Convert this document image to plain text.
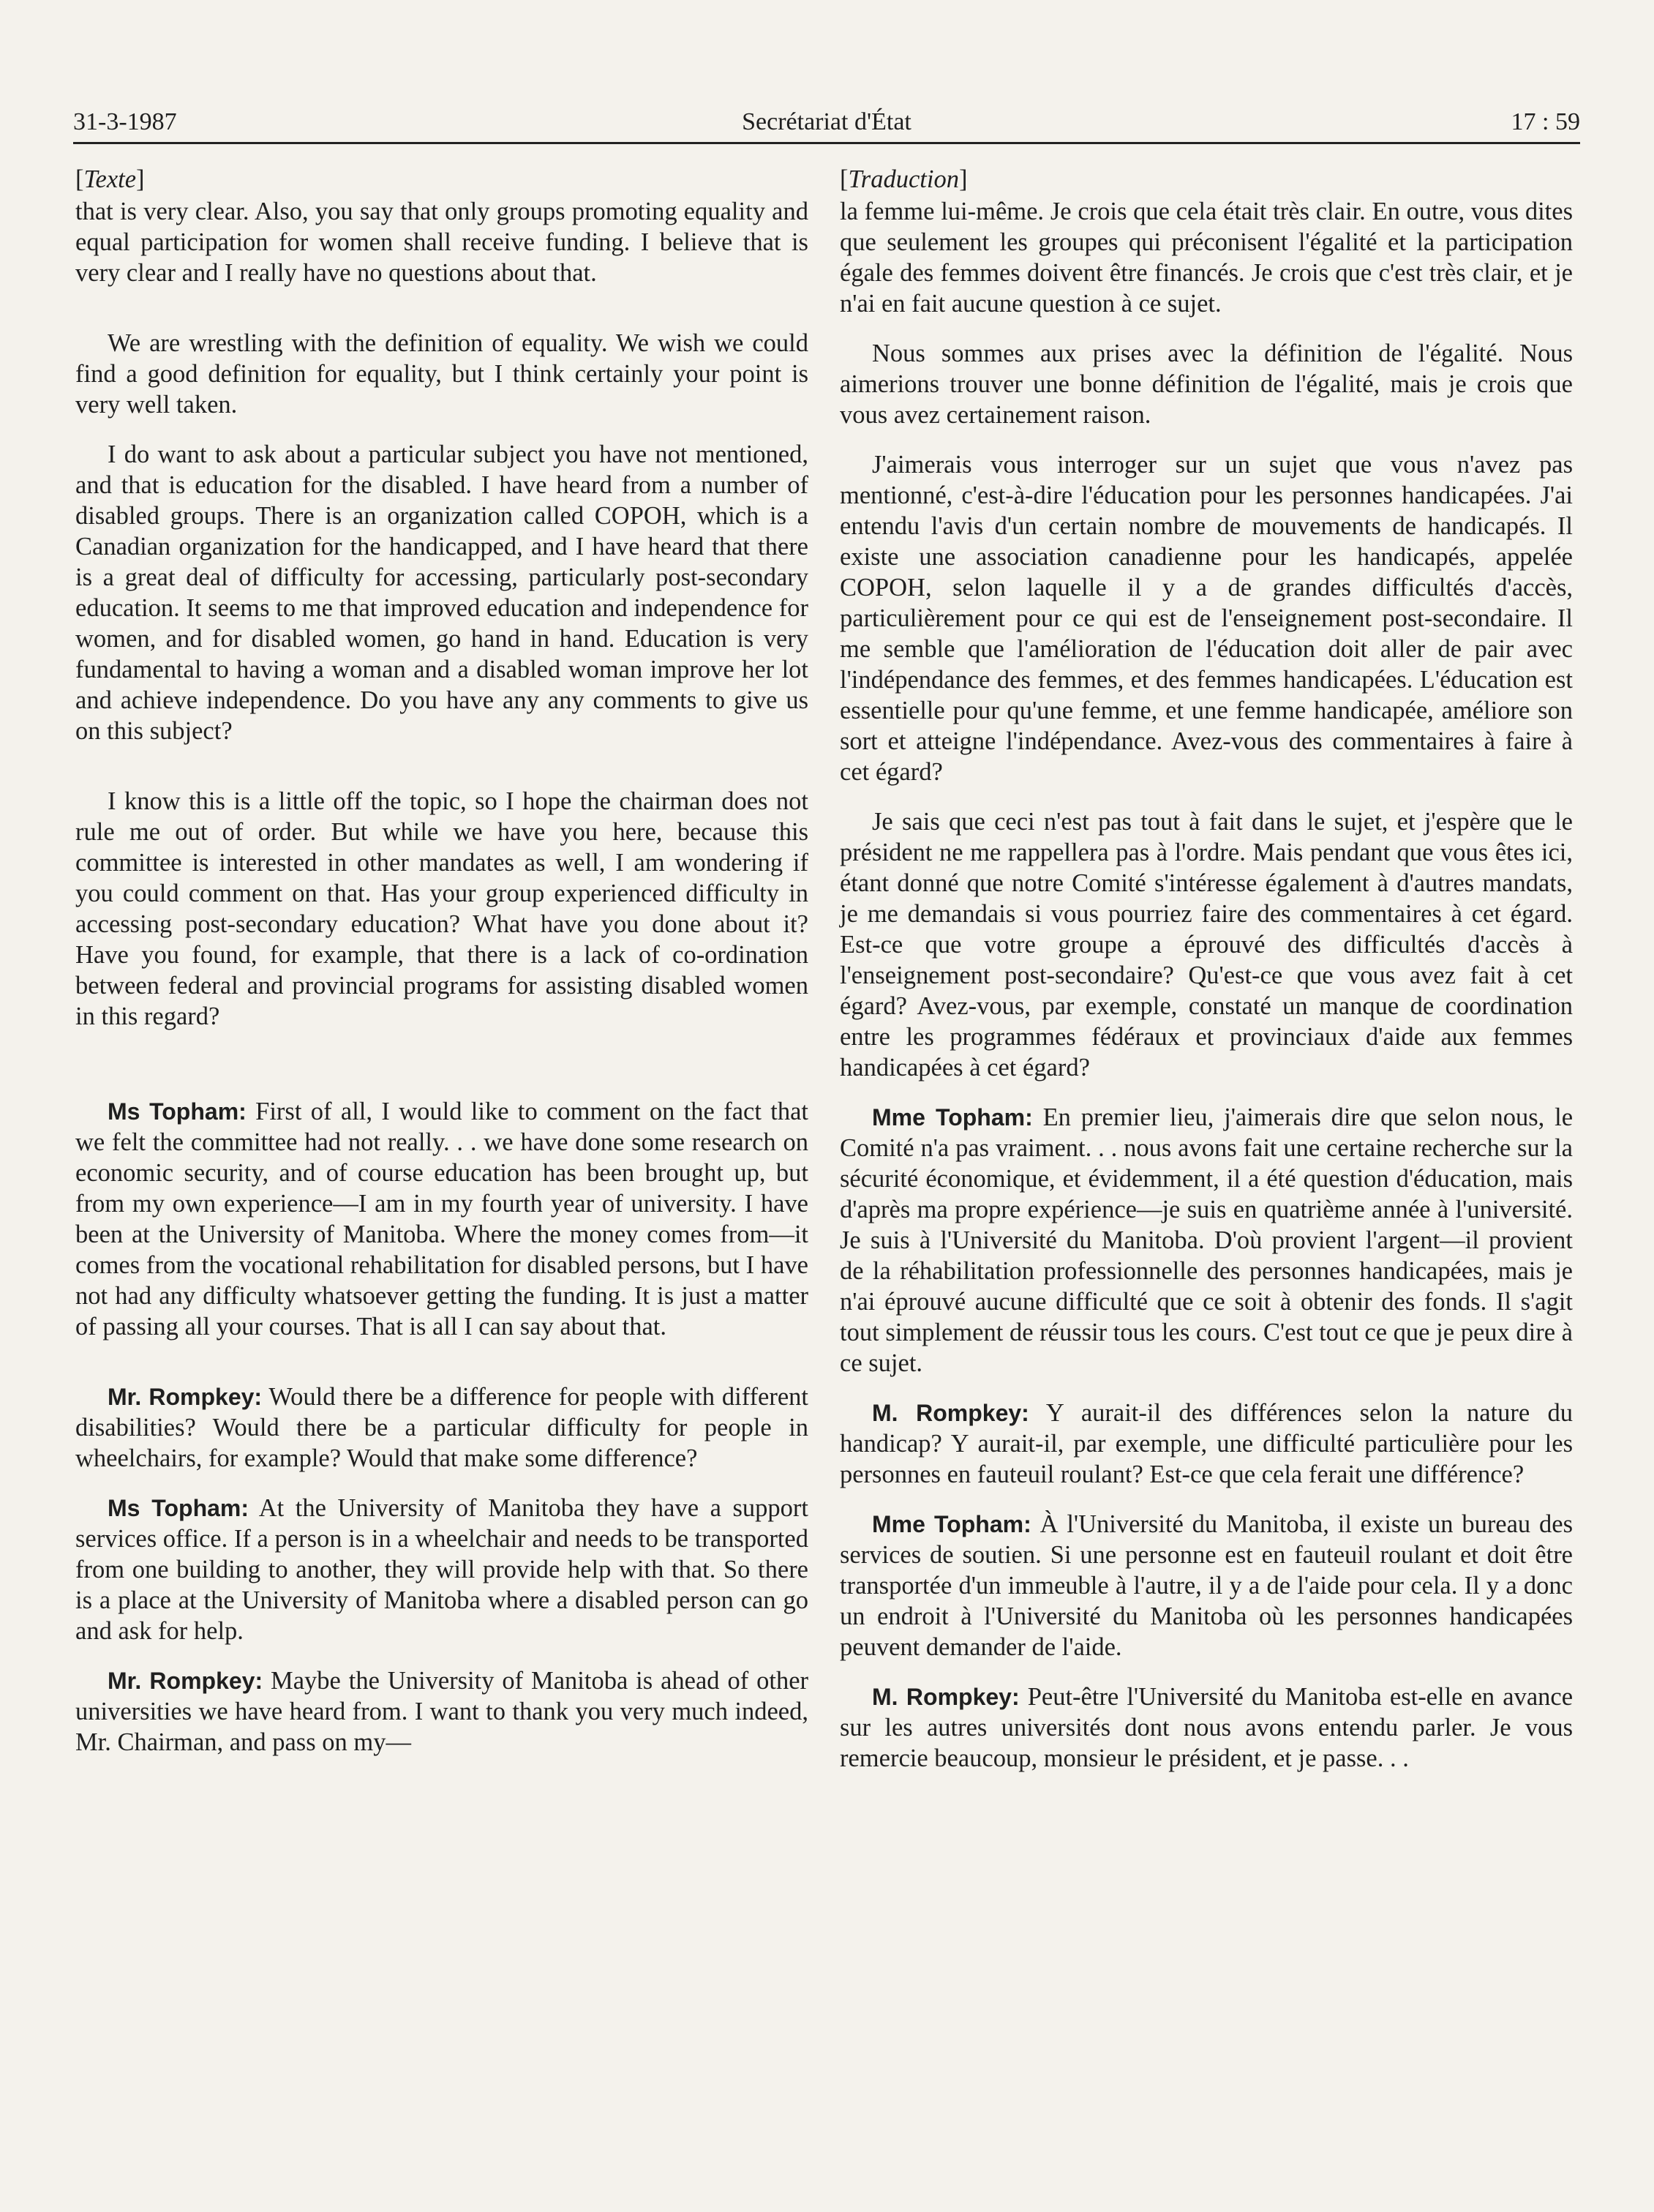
31-3-1987	Secrétariat d'État	17 : 59
[Texte]

that is very clear. Also, you say that only groups promoting equality and equal participation for women shall receive funding. I believe that is very clear and I really have no questions about that.

We are wrestling with the definition of equality. We wish we could find a good definition for equality, but I think certainly your point is very well taken.

I do want to ask about a particular subject you have not mentioned, and that is education for the disabled. I have heard from a number of disabled groups. There is an organization called COPOH, which is a Canadian organization for the handicapped, and I have heard that there is a great deal of difficulty for accessing, particularly post-secondary education. It seems to me that improved education and independence for women, and for disabled women, go hand in hand. Education is very fundamental to having a woman and a disabled woman improve her lot and achieve independence. Do you have any any comments to give us on this subject?

I know this is a little off the topic, so I hope the chairman does not rule me out of order. But while we have you here, because this committee is interested in other mandates as well, I am wondering if you could comment on that. Has your group experienced difficulty in accessing post-secondary education? What have you done about it? Have you found, for example, that there is a lack of co-ordination between federal and provincial programs for assisting disabled women in this regard?

Ms Topham: First of all, I would like to comment on the fact that we felt the committee had not really. . . we have done some research on economic security, and of course education has been brought up, but from my own experience—I am in my fourth year of university. I have been at the University of Manitoba. Where the money comes from—it comes from the vocational rehabilitation for disabled persons, but I have not had any difficulty whatsoever getting the funding. It is just a matter of passing all your courses. That is all I can say about that.

Mr. Rompkey: Would there be a difference for people with different disabilities? Would there be a particular difficulty for people in wheelchairs, for example? Would that make some difference?

Ms Topham: At the University of Manitoba they have a support services office. If a person is in a wheelchair and needs to be transported from one building to another, they will provide help with that. So there is a place at the University of Manitoba where a disabled person can go and ask for help.

Mr. Rompkey: Maybe the University of Manitoba is ahead of other universities we have heard from. I want to thank you very much indeed, Mr. Chairman, and pass on my—

[Traduction]

la femme lui-même. Je crois que cela était très clair. En outre, vous dites que seulement les groupes qui préconisent l'égalité et la participation égale des femmes doivent être financés. Je crois que c'est très clair, et je n'ai en fait aucune question à ce sujet.

Nous sommes aux prises avec la définition de l'égalité. Nous aimerions trouver une bonne définition de l'égalité, mais je crois que vous avez certainement raison.

J'aimerais vous interroger sur un sujet que vous n'avez pas mentionné, c'est-à-dire l'éducation pour les personnes handicapées. J'ai entendu l'avis d'un certain nombre de mouvements de handicapés. Il existe une association canadienne pour les handicapés, appelée COPOH, selon laquelle il y a de grandes difficultés d'accès, particulièrement pour ce qui est de l'enseignement post-secondaire. Il me semble que l'amélioration de l'éducation doit aller de pair avec l'indépendance des femmes, et des femmes handicapées. L'éducation est essentielle pour qu'une femme, et une femme handicapée, améliore son sort et atteigne l'indépendance. Avez-vous des commentaires à faire à cet égard?

Je sais que ceci n'est pas tout à fait dans le sujet, et j'espère que le président ne me rappellera pas à l'ordre. Mais pendant que vous êtes ici, étant donné que notre Comité s'intéresse également à d'autres mandats, je me demandais si vous pourriez faire des commentaires à cet égard. Est-ce que votre groupe a éprouvé des difficultés d'accès à l'enseignement post-secondaire? Qu'est-ce que vous avez fait à cet égard? Avez-vous, par exemple, constaté un manque de coordination entre les programmes fédéraux et provinciaux d'aide aux femmes handicapées à cet égard?

Mme Topham: En premier lieu, j'aimerais dire que selon nous, le Comité n'a pas vraiment. . . nous avons fait une certaine recherche sur la sécurité économique, et évidemment, il a été question d'éducation, mais d'après ma propre expérience—je suis en quatrième année à l'université. Je suis à l'Université du Manitoba. D'où provient l'argent—il provient de la réhabilitation professionnelle des personnes handicapées, mais je n'ai éprouvé aucune difficulté que ce soit à obtenir des fonds. Il s'agit tout simplement de réussir tous les cours. C'est tout ce que je peux dire à ce sujet.

M. Rompkey: Y aurait-il des différences selon la nature du handicap? Y aurait-il, par exemple, une difficulté particulière pour les personnes en fauteuil roulant? Est-ce que cela ferait une différence?

Mme Topham: À l'Université du Manitoba, il existe un bureau des services de soutien. Si une personne est en fauteuil roulant et doit être transportée d'un immeuble à l'autre, il y a de l'aide pour cela. Il y a donc un endroit à l'Université du Manitoba où les personnes handicapées peuvent demander de l'aide.

M. Rompkey: Peut-être l'Université du Manitoba est-elle en avance sur les autres universités dont nous avons entendu parler. Je vous remercie beaucoup, monsieur le président, et je passe. . .
